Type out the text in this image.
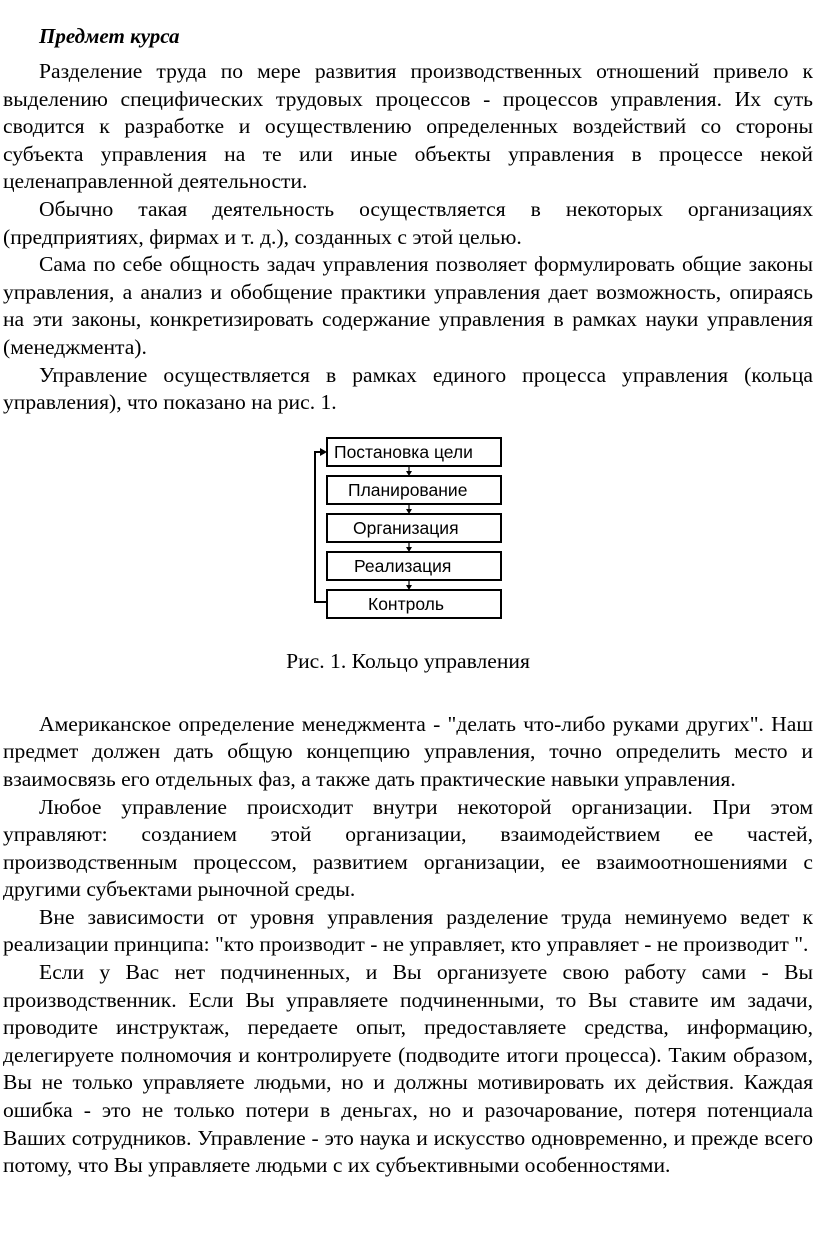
Предмет курса

Разделение труда по мере развития производственных отношений привело к выделению специфических трудовых процессов - процессов управления. Их суть сводится к разработке и осуществлению определенных воздействий со стороны субъекта управления на те или иные объекты управления в процессе некой целенаправленной деятельности.

Обычно такая деятельность осуществляется в некоторых организациях (предприятиях, фирмах и т. д.), созданных с этой целью.

Сама по себе общность задач управления позволяет формулировать общие законы управления, а анализ и обобщение практики управления дает возможность, опираясь на эти законы, конкретизировать содержание управления в рамках науки управления (менеджмента).

Управление осуществляется в рамках единого процесса управления (кольца управления), что показано на рис. 1.

Постановка цели
Планирование
Организация
Реализация
Контроль
Рис. 1. Кольцо управления

Американское определение менеджмента - "делать что-либо руками других". Наш предмет должен дать общую концепцию управления, точно определить место и взаимосвязь его отдельных фаз, а также дать практические навыки управления.

Любое управление происходит внутри некоторой организации. При этом управляют: созданием этой организации, взаимодействием ее частей, производственным процессом, развитием организации, ее взаимоотношениями с другими субъектами рыночной среды.

Вне зависимости от уровня управления разделение труда неминуемо ведет к реализации принципа: "кто производит - не управляет, кто управляет - не производит ".

Если у Вас нет подчиненных, и Вы организуете свою работу сами - Вы производственник. Если Вы управляете подчиненными, то Вы ставите им задачи, проводите инструктаж, передаете опыт, предоставляете средства, информацию, делегируете полномочия и контролируете (подводите итоги процесса). Таким образом, Вы не только управляете людьми, но и должны мотивировать их действия. Каждая ошибка - это не только потери в деньгах, но и разочарование, потеря потенциала Ваших сотрудников. Управление - это наука и искусство одновременно, и прежде всего потому, что Вы управляете людьми с их субъективными особенностями.
